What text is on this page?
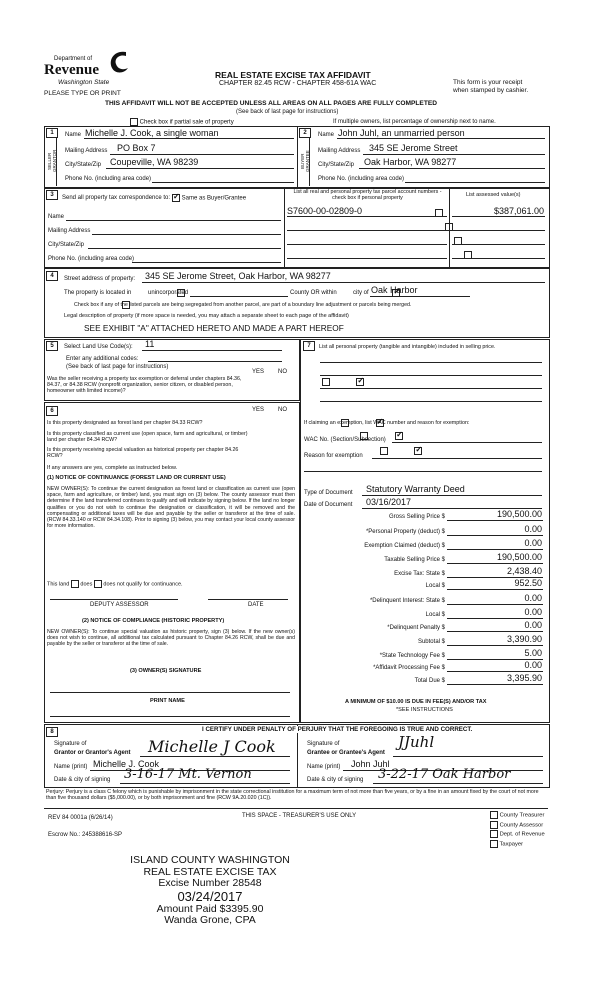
Department of
Revenue
Washington State
PLEASE TYPE OR PRINT
REAL ESTATE EXCISE TAX AFFIDAVIT
CHAPTER 82.45 RCW - CHAPTER 458-61A WAC	This form is your receipt
when stamped by cashier.
THIS AFFIDAVIT WILL NOT BE ACCEPTED UNLESS ALL AREAS ON ALL PAGES ARE FULLY COMPLETED
(See back of last page for instructions)
Check box if partial sale of property	If multiple owners, list percentage of ownership next to name.
1
SELLER GRANTOR
Name Michelle J. Cook, a single woman
Mailing Address PO Box 7
City/State/Zip Coupeville, WA 98239
Phone No. (including area code)
2
BUYER GRANTEE
Name John Juhl, an unmarried person
Mailing Address 345 SE Jerome Street
City/State/Zip Oak Harbor, WA 98277
Phone No. (including area code)
3	Send all property tax correspondence to: ✓	Same as Buyer/Grantee
Name
Mailing Address
City/State/Zip
Phone No. (including area code)
List all real and personal property tax parcel account numbers - check box if personal property
List assessed value(s)
S7600-00-02809-0
	$387,061.00

4	Street address of property: 345 SE Jerome Street, Oak Harbor, WA 98277
The property is located in
	unincorporated	County OR within ✓	city of Oak Harbor

Check box if any of the listed parcels are being segregated from another parcel, are part of a boundary line adjustment or parcels being merged.
Legal description of property (if more space is needed, you may attach a separate sheet to each page of the affidavit)
SEE EXHIBIT "A" ATTACHED HERETO AND MADE A PART HEREOF
5	Select Land Use Code(s): 11
Enter any additional codes:
(See back of last page for instructions)
YES NO
Was the seller receiving a property tax exemption or deferral under chapters 84.36, 84.37, or 84.38 RCW (nonprofit organization, senior citizen, or disabled person, homeowner with limited income)?
✓
6	YES NO
Is this property designated as forest land per chapter 84.33 RCW?
✓
Is this property classified as current use (open space, farm and agricultural, or timber) land per chapter 84.34 RCW?
✓
Is this property receiving special valuation as historical property per chapter 84.26 RCW?
✓
If any answers are yes, complete as instructed below.
(1) NOTICE OF CONTINUANCE (FOREST LAND OR CURRENT USE)
NEW OWNER(S): To continue the current designation as forest land or classification as current use (open space, farm and agriculture, or timber) land, you must sign on (3) below. The county assessor must then determine if the land transferred continues to qualify and will indicate by signing below. If the land no longer qualifies or you do not wish to continue the designation or classification, it will be removed and the compensating or additional taxes will be due and payable by the seller or transferor at the time of sale. (RCW 84.33.140 or RCW 84.34.108). Prior to signing (3) below, you may contact your local county assessor for more information.
This land does does not qualify for continuance.
DEPUTY ASSESSOR	DATE
(2) NOTICE OF COMPLIANCE (HISTORIC PROPERTY)
NEW OWNER(S): To continue special valuation as historic property, sign (3) below. If the new owner(s) does not wish to continue, all additional tax calculated pursuant to Chapter 84.26 RCW, shall be due and payable by the seller or transferor at the time of sale.
(3) OWNER(S) SIGNATURE
PRINT NAME
7	List all personal property (tangible and intangible) included in selling price.
If claiming an exemption, list WAC number and reason for exemption:
WAC No. (Section/Subsection)
Reason for exemption
Type of Document Statutory Warranty Deed
Date of Document 03/16/2017
Gross Selling Price $	190,500.00
*Personal Property (deduct) $	0.00
Exemption Claimed (deduct) $	0.00
Taxable Selling Price $	190,500.00
Excise Tax: State $	2,438.40
Local $	952.50
*Delinquent Interest: State $	0.00
Local $	0.00
*Delinquent Penalty $	0.00
Subtotal $	3,390.90
*State Technology Fee $	5.00
*Affidavit Processing Fee $	0.00
Total Due $	3,395.90
A MINIMUM OF $10.00 IS DUE IN FEE(S) AND/OR TAX
*SEE INSTRUCTIONS
8	I CERTIFY UNDER PENALTY OF PERJURY THAT THE FOREGOING IS TRUE AND CORRECT.
Signature of
Grantor or Grantor's Agent Michelle J Cook
Name (print) Michelle J. Cook
Date & city of signing 3-16-17 Mt. Vernon
Signature of
Grantee or Grantee's Agent
JJuhl
Name (print) John Juhl
Date & city of signing 3-22-17 Oak Harbor
Perjury: Perjury is a class C felony which is punishable by imprisonment in the state correctional institution for a maximum term of not more than five years, or by a fine in an amount fixed by the court of not more than five thousand dollars ($5,000.00), or by both imprisonment and fine (RCW 9A.20.020 (1C)).
REV 84 0001a (6/26/14)	THIS SPACE - TREASURER'S USE ONLY
Escrow No.: 245388616-SP
County Treasurer
County Assessor
Dept. of Revenue
Taxpayer
ISLAND COUNTY WASHINGTON
REAL ESTATE EXCISE TAX
Excise Number 28548
03/24/2017
Amount Paid $3395.90
Wanda Grone, CPA
